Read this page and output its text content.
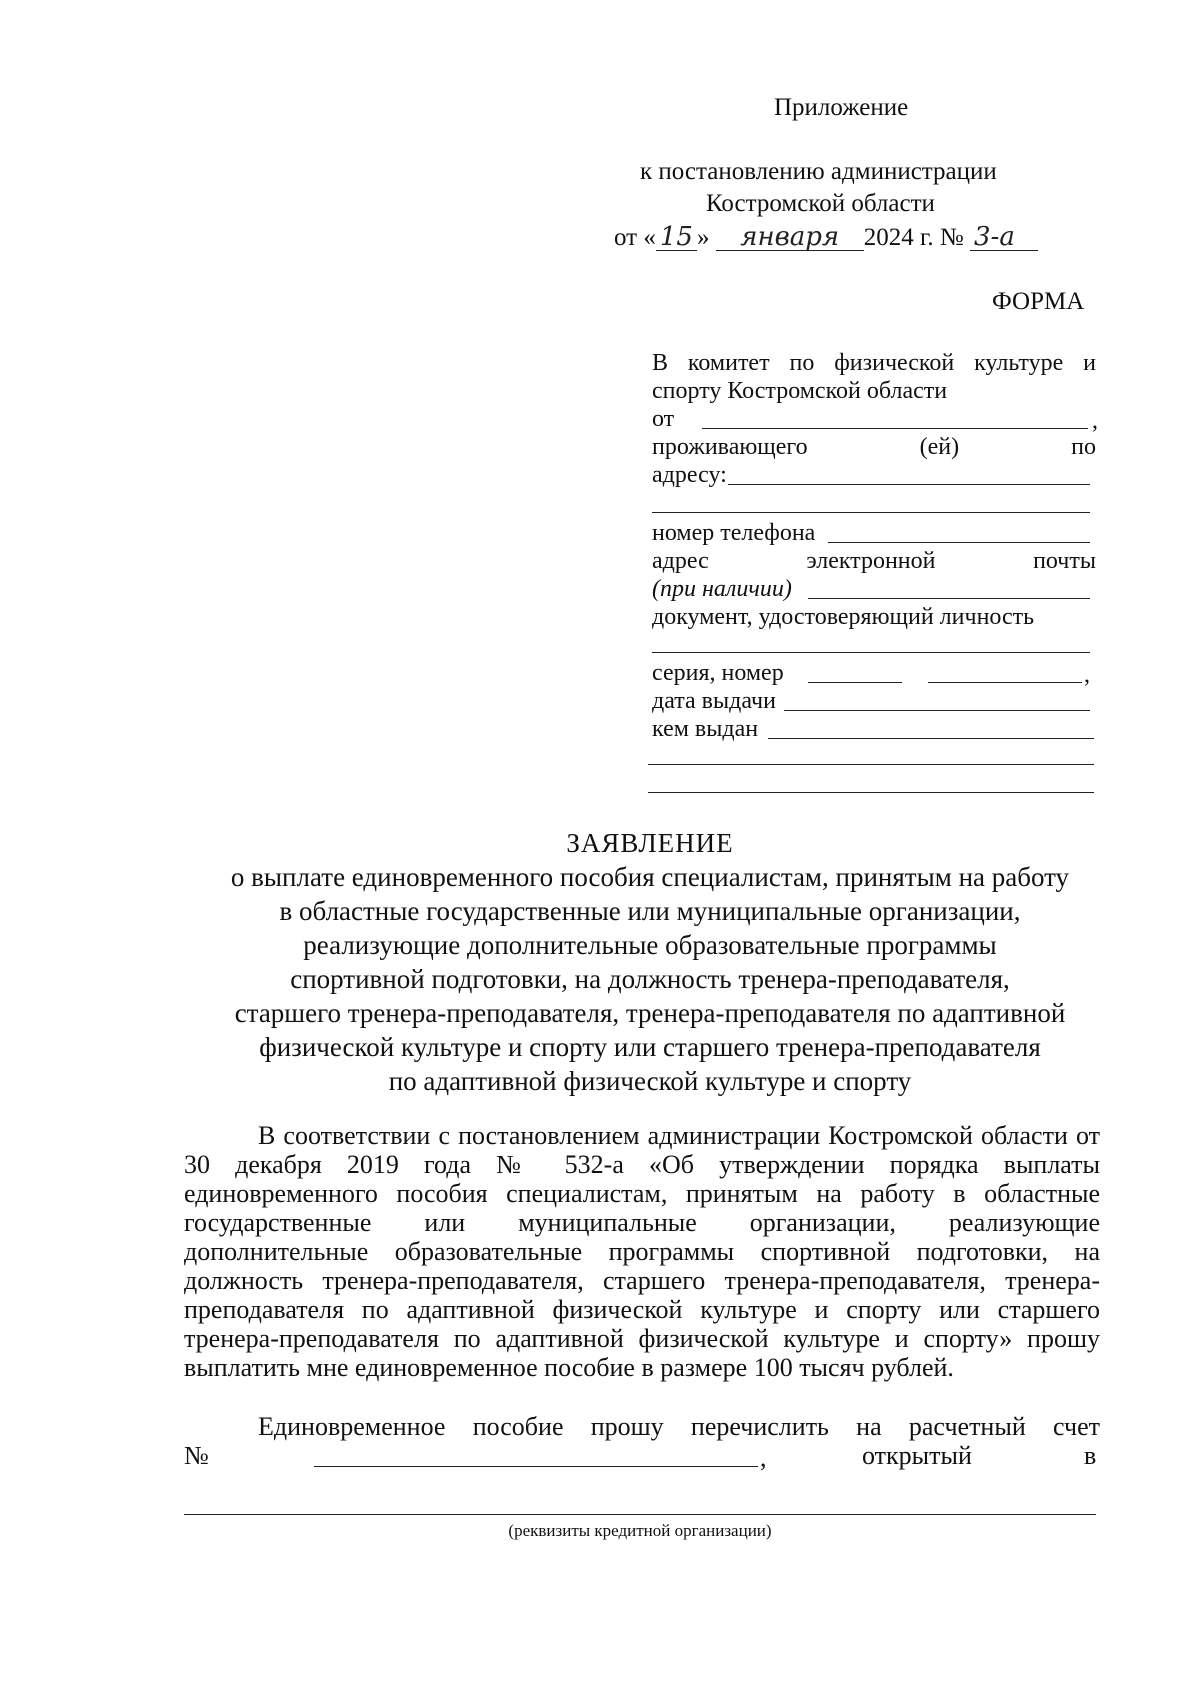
Приложение
к постановлению администрации
Костромской области
от « 15 » января 2024 г. № 3-а
ФОРМА
В комитет по физической культуре и
спорту Костромской области
от	,
проживающего	(ей)	по
адресу:
номер телефона
адрес	электронной	почты
(при наличии)
документ, удостоверяющий личность
серия, номер	,
дата выдачи
кем выдан
ЗАЯВЛЕНИЕ
о выплате единовременного пособия специалистам, принятым на работу
в областные государственные или муниципальные организации,
реализующие дополнительные образовательные программы
спортивной подготовки, на должность тренера-преподавателя,
старшего тренера-преподавателя, тренера-преподавателя по адаптивной
физической культуре и спорту или старшего тренера-преподавателя
по адаптивной физической культуре и спорту
В соответствии с постановлением администрации Костромской области от 30 декабря 2019 года № 532-а «Об утверждении порядка выплаты единовременного пособия специалистам, принятым на работу в областные государственные или муниципальные организации, реализующие дополнительные образовательные программы спортивной подготовки, на должность тренера-преподавателя, старшего тренера-преподавателя, тренера-преподавателя по адаптивной физической культуре и спорту или старшего тренера-преподавателя по адаптивной физической культуре и спорту» прошу выплатить мне единовременное пособие в размере 100 тысяч рублей.
Единовременное пособие прошу перечислить на расчетный счет
№	,	открытый	в
(реквизиты кредитной организации)
